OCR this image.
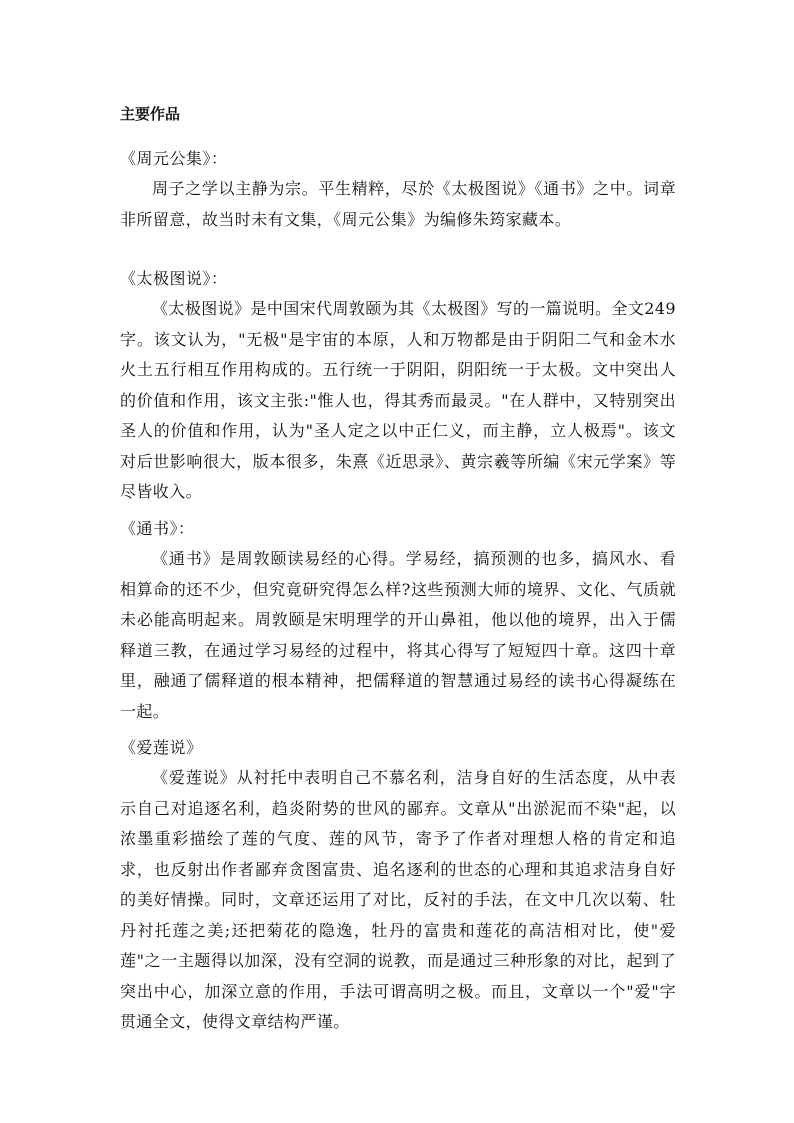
主要作品

《周元公集》：

周子之学以主静为宗。平生精粹，尽於《太极图说》《通书》之中。词章非所留意，故当时未有文集，《周元公集》为编修朱筠家藏本。

《太极图说》：

《太极图说》是中国宋代周敦颐为其《太极图》写的一篇说明。全文249字。该文认为，"无极"是宇宙的本原，人和万物都是由于阴阳二气和金木水火土五行相互作用构成的。五行统一于阴阳，阴阳统一于太极。文中突出人的价值和作用，该文主张:"惟人也，得其秀而最灵。"在人群中，又特别突出圣人的价值和作用，认为"圣人定之以中正仁义，而主静，立人极焉"。该文对后世影响很大，版本很多，朱熹《近思录》、黄宗羲等所编《宋元学案》等尽皆收入。

《通书》：

《通书》是周敦颐读易经的心得。学易经，搞预测的也多，搞风水、看相算命的还不少，但究竟研究得怎么样?这些预测大师的境界、文化、气质就未必能高明起来。周敦颐是宋明理学的开山鼻祖，他以他的境界，出入于儒释道三教，在通过学习易经的过程中，将其心得写了短短四十章。这四十章里，融通了儒释道的根本精神，把儒释道的智慧通过易经的读书心得凝练在一起。

《爱莲说》

《爱莲说》从衬托中表明自己不慕名利，洁身自好的生活态度，从中表示自己对追逐名利，趋炎附势的世风的鄙弃。文章从"出淤泥而不染"起，以浓墨重彩描绘了莲的气度、莲的风节，寄予了作者对理想人格的肯定和追求，也反射出作者鄙弃贪图富贵、追名逐利的世态的心理和其追求洁身自好的美好情操。同时，文章还运用了对比，反衬的手法，在文中几次以菊、牡丹衬托莲之美;还把菊花的隐逸，牡丹的富贵和莲花的高洁相对比，使"爱莲"之一主题得以加深，没有空洞的说教，而是通过三种形象的对比，起到了突出中心，加深立意的作用，手法可谓高明之极。而且，文章以一个"爱"字贯通全文，使得文章结构严谨。
